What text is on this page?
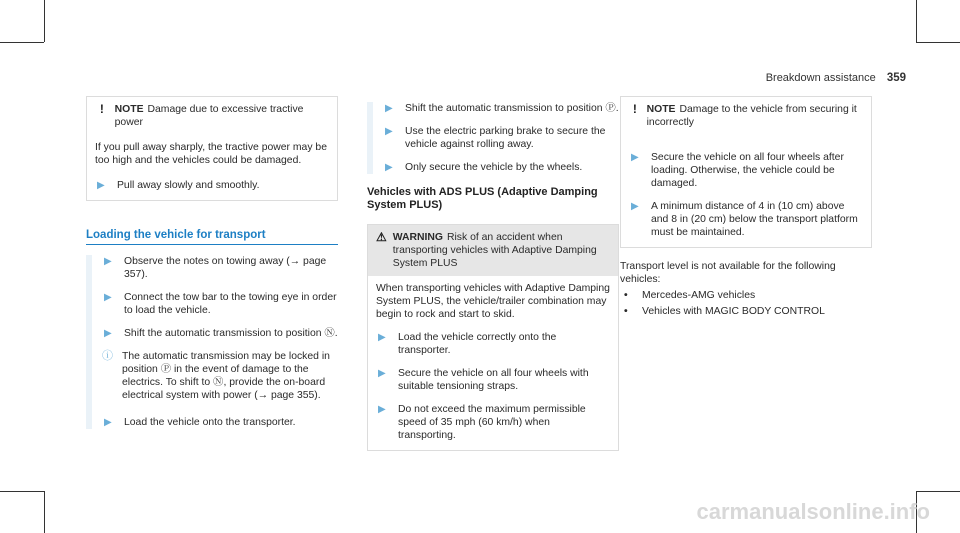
Breakdown assistance 359
!	NOTE Damage due to excessive tractive power

If you pull away sharply, the tractive power may be too high and the vehicles could be damaged.

▶ Pull away slowly and smoothly.
Loading the vehicle for transport
▶ Observe the notes on towing away (→ page 357).
▶ Connect the tow bar to the towing eye in order to load the vehicle.
▶ Shift the automatic transmission to position Ⓝ.
ⓘ The automatic transmission may be locked in position Ⓟ in the event of damage to the electrics. To shift to Ⓝ, provide the on-board electrical system with power (→ page 355).
▶ Load the vehicle onto the transporter.
▶ Shift the automatic transmission to position Ⓟ.
▶ Use the electric parking brake to secure the vehicle against rolling away.
▶ Only secure the vehicle by the wheels.
Vehicles with ADS PLUS (Adaptive Damping System PLUS)
⚠ WARNING Risk of an accident when transporting vehicles with Adaptive Damping System PLUS

When transporting vehicles with Adaptive Damping System PLUS, the vehicle/trailer combination may begin to rock and start to skid.

▶ Load the vehicle correctly onto the transporter.
▶ Secure the vehicle on all four wheels with suitable tensioning straps.
▶ Do not exceed the maximum permissible speed of 35 mph (60 km/h) when transporting.
! NOTE Damage to the vehicle from securing it incorrectly

▶ Secure the vehicle on all four wheels after loading. Otherwise, the vehicle could be damaged.
▶ A minimum distance of 4 in (10 cm) above and 8 in (20 cm) below the transport platform must be maintained.

Transport level is not available for the following vehicles:

•	Mercedes-AMG vehicles
•	Vehicles with MAGIC BODY CONTROL
carmanualsonline.info
